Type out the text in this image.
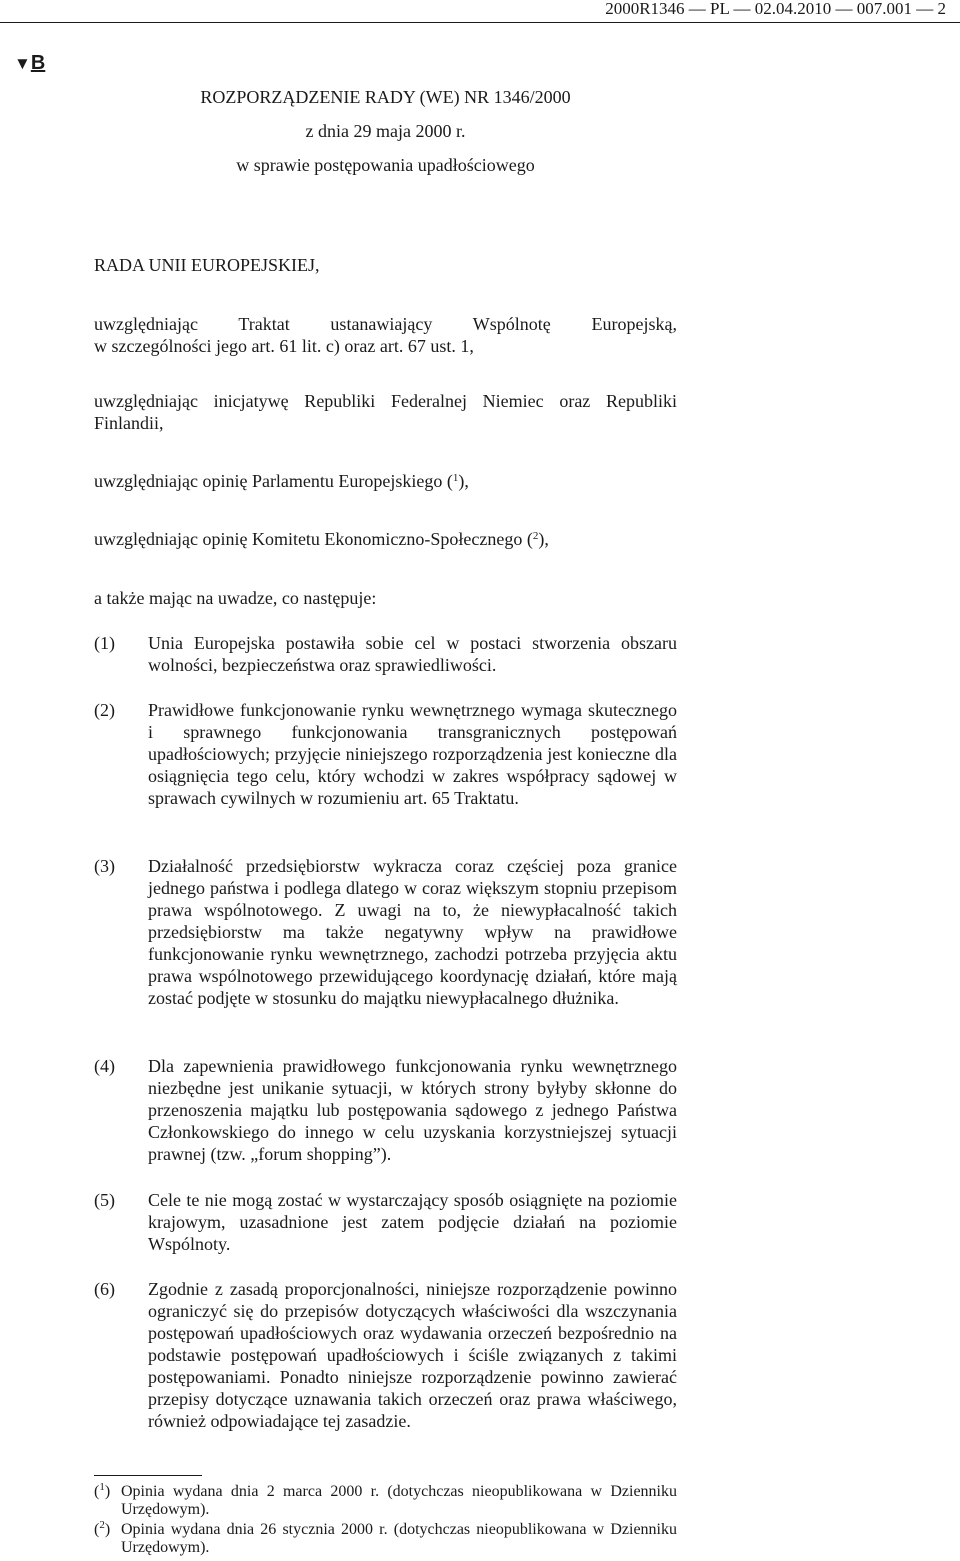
2000R1346 — PL — 02.04.2010 — 007.001 — 2
▼B
ROZPORZĄDZENIE RADY (WE) NR 1346/2000
z dnia 29 maja 2000 r.
w sprawie postępowania upadłościowego
RADA UNII EUROPEJSKIEJ,
uwzględniając Traktat ustanawiający Wspólnotę Europejską,
w szczególności jego art. 61 lit. c) oraz art. 67 ust. 1,
uwzględniając inicjatywę Republiki Federalnej Niemiec oraz Republiki Finlandii,
uwzględniając opinię Parlamentu Europejskiego ($^1$),
uwzględniając opinię Komitetu Ekonomiczno-Społecznego ($^2$),
a także mając na uwadze, co następuje:
(1)	Unia Europejska postawiła sobie cel w postaci stworzenia obszaru wolności, bezpieczeństwa oraz sprawiedliwości.
(2)	Prawidłowe funkcjonowanie rynku wewnętrznego wymaga skutecznego i sprawnego funkcjonowania transgranicznych postępowań upadłościowych; przyjęcie niniejszego rozporządzenia jest konieczne dla osiągnięcia tego celu, który wchodzi w zakres współpracy sądowej w sprawach cywilnych w rozumieniu art. 65 Traktatu.
(3)	Działalność przedsiębiorstw wykracza coraz częściej poza granice jednego państwa i podlega dlatego w coraz większym stopniu przepisom prawa wspólnotowego. Z uwagi na to, że niewypłacalność takich przedsiębiorstw ma także negatywny wpływ na prawidłowe funkcjonowanie rynku wewnętrznego, zachodzi potrzeba przyjęcia aktu prawa wspólnotowego przewidującego koordynację działań, które mają zostać podjęte w stosunku do majątku niewypłacalnego dłużnika.
(4)	Dla zapewnienia prawidłowego funkcjonowania rynku wewnętrznego niezbędne jest unikanie sytuacji, w których strony byłyby skłonne do przenoszenia majątku lub postępowania sądowego z jednego Państwa Członkowskiego do innego w celu uzyskania korzystniejszej sytuacji prawnej (tzw. „forum shopping”).
(5)	Cele te nie mogą zostać w wystarczający sposób osiągnięte na poziomie krajowym, uzasadnione jest zatem podjęcie działań na poziomie Wspólnoty.
(6)	Zgodnie z zasadą proporcjonalności, niniejsze rozporządzenie powinno ograniczyć się do przepisów dotyczących właściwości dla wszczynania postępowań upadłościowych oraz wydawania orzeczeń bezpośrednio na podstawie postępowań upadłościowych i ściśle związanych z takimi postępowaniami. Ponadto niniejsze rozporządzenie powinno zawierać przepisy dotyczące uznawania takich orzeczeń oraz prawa właściwego, również odpowiadające tej zasadzie.
($^1$) Opinia wydana dnia 2 marca 2000 r. (dotychczas nieopublikowana w Dzienniku Urzędowym).
($^2$) Opinia wydana dnia 26 stycznia 2000 r. (dotychczas nieopublikowana w Dzienniku Urzędowym).
